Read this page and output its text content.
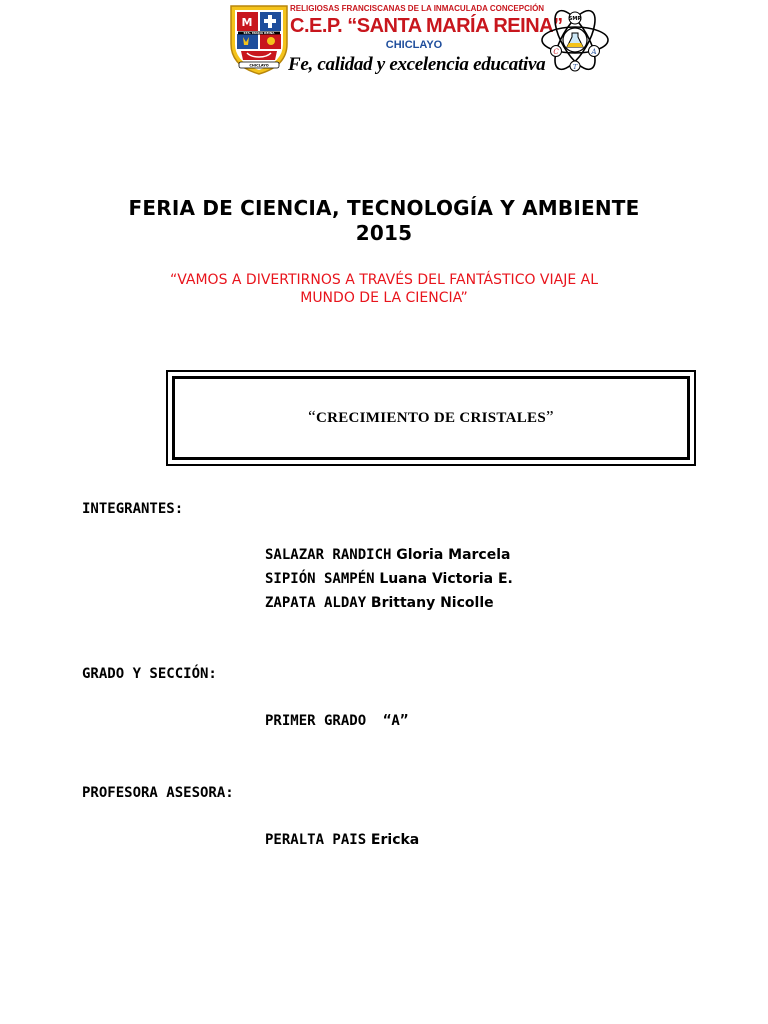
M
STA. MARIA REINA
CHICLAYO
RELIGIOSAS FRANCISCANAS DE LA INMACULADA CONCEPCIÓN
C.E.P. “SANTA MARÍA REINA”
CHICLAYO
Fe, calidad y excelencia educativa
SMR
C
T
A
FERIA DE CIENCIA, TECNOLOGÍA Y AMBIENTE
2015
“VAMOS A DIVERTIRNOS A TRAVÉS DEL FANTÁSTICO VIAJE AL
MUNDO DE LA CIENCIA”
“CRECIMIENTO DE CRISTALES”
INTEGRANTES:
SALAZAR RANDICH Gloria Marcela
SIPIÓN SAMPÉN Luana Victoria E.
ZAPATA ALDAY Brittany Nicolle
GRADO Y SECCIÓN:
PRIMER GRADO  “A”
PROFESORA ASESORA:
PERALTA PAIS Ericka
